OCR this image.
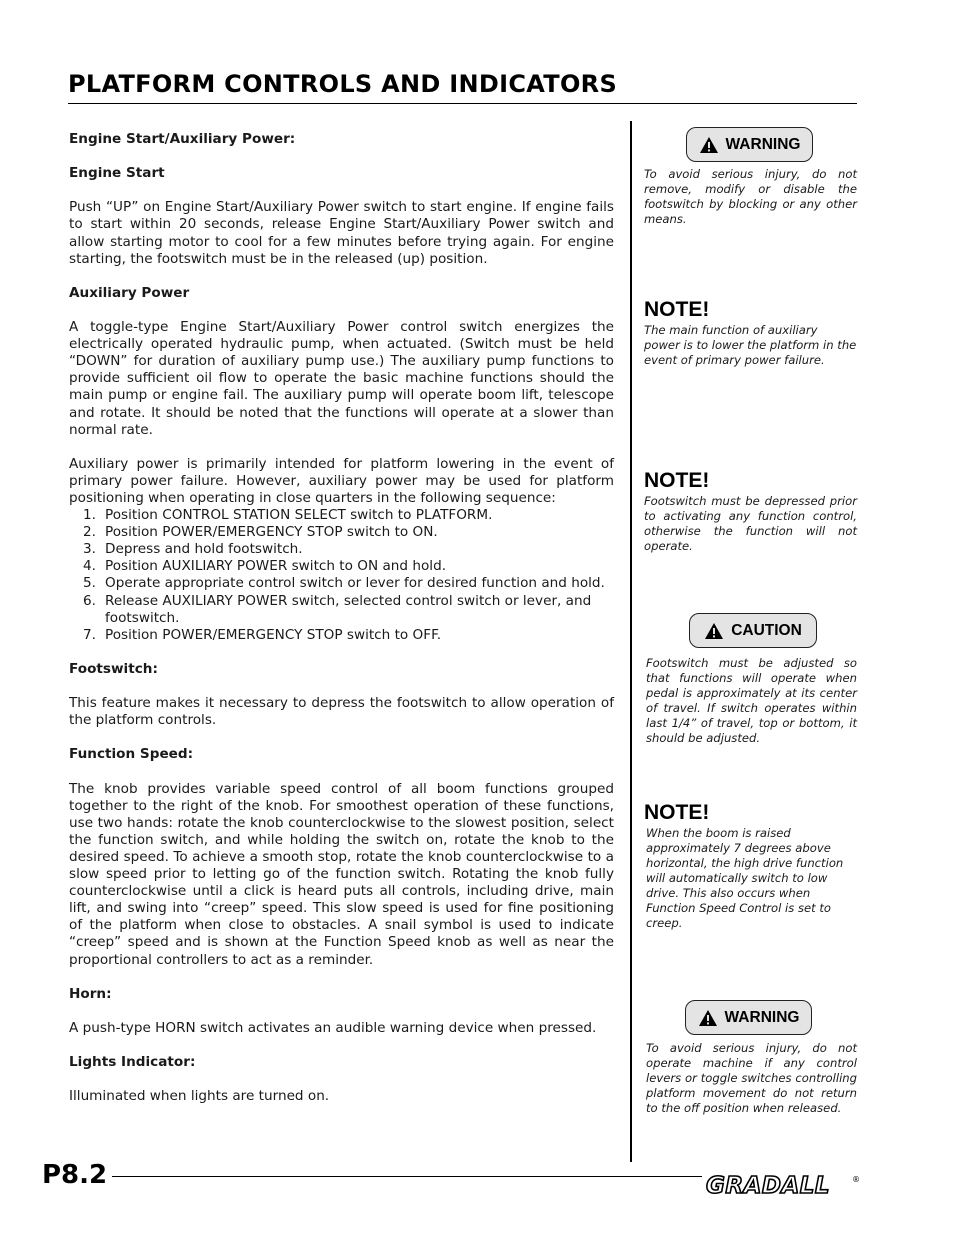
PLATFORM CONTROLS AND INDICATORS
Engine Start/Auxiliary Power:
Engine Start

Push “UP” on Engine Start/Auxiliary Power switch to start engine. If engine fails to start within 20 seconds, release Engine Start/Auxiliary Power switch and allow starting motor to cool for a few minutes before trying again. For engine starting, the footswitch must be in the released (up) position.

Auxiliary Power

A toggle-type Engine Start/Auxiliary Power control switch energizes the electrically operated hydraulic pump, when actuated. (Switch must be held “DOWN” for duration of auxiliary pump use.) The auxiliary pump functions to provide sufficient oil flow to operate the basic machine functions should the main pump or engine fail. The auxiliary pump will operate boom lift, telescope and rotate. It should be noted that the functions will operate at a slower than normal rate.

Auxiliary power is primarily intended for platform lowering in the event of primary power failure. However, auxiliary power may be used for platform positioning when operating in close quarters in the following sequence:

1. Position CONTROL STATION SELECT switch to PLATFORM.
2. Position POWER/EMERGENCY STOP switch to ON.
3. Depress and hold footswitch.
4. Position AUXILIARY POWER switch to ON and hold.
5. Operate appropriate control switch or lever for desired function and hold.
6. Release AUXILIARY POWER switch, selected control switch or lever, and footswitch.
7. Position POWER/EMERGENCY STOP switch to OFF.
Footswitch:

This feature makes it necessary to depress the footswitch to allow operation of the platform controls.

Function Speed:

The knob provides variable speed control of all boom functions grouped together to the right of the knob. For smoothest operation of these functions, use two hands: rotate the knob counterclockwise to the slowest position, select the function switch, and while holding the switch on, rotate the knob to the desired speed. To achieve a smooth stop, rotate the knob counterclockwise to a slow speed prior to letting go of the function switch. Rotating the knob fully counterclockwise until a click is heard puts all controls, including drive, main lift, and swing into “creep” speed. This slow speed is used for fine positioning of the platform when close to obstacles. A snail symbol is used to indicate “creep” speed and is shown at the Function Speed knob as well as near the proportional controllers to act as a reminder.

Horn:

A push-type HORN switch activates an audible warning device when pressed.

Lights Indicator:

Illuminated when lights are turned on.

WARNING

To avoid serious injury, do not remove, modify or disable the footswitch by blocking or any other means.

NOTE!

The main function of auxiliary power is to lower the platform in the event of primary power failure.

NOTE!

Footswitch must be depressed prior to activating any function control, otherwise the function will not operate.

CAUTION

Footswitch must be adjusted so that functions will operate when pedal is approximately at its center of travel. If switch operates within last 1/4” of travel, top or bottom, it should be adjusted.

NOTE!

When the boom is raised approximately 7 degrees above horizontal, the high drive function will automatically switch to low drive. This also occurs when Function Speed Control is set to creep.

WARNING

To avoid serious injury, do not operate machine if any control levers or toggle switches controlling platform movement do not return to the off position when released.

P8.2	GRADALL	®
